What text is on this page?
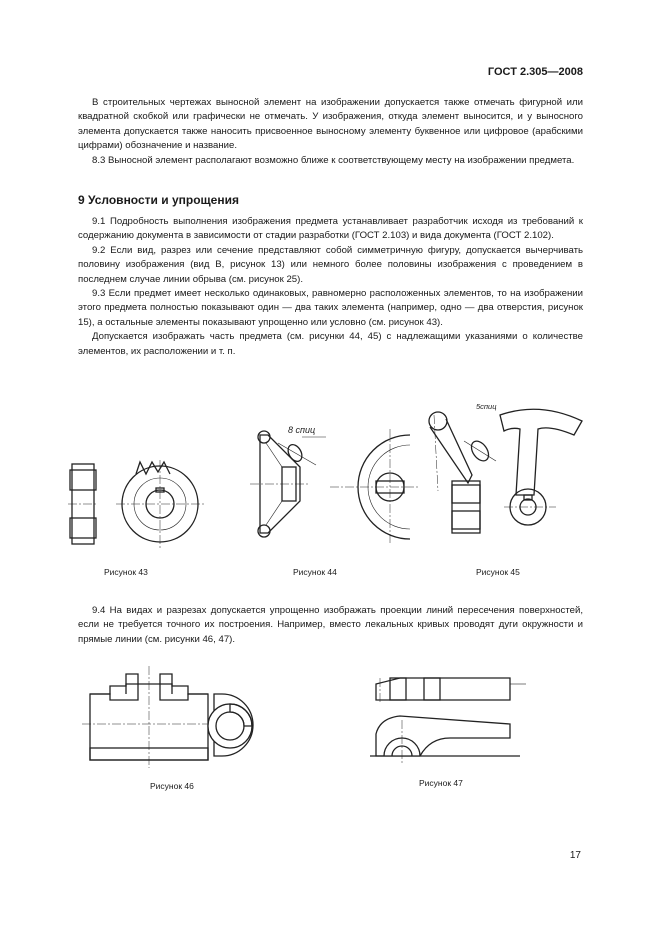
ГОСТ 2.305—2008

В строительных чертежах выносной элемент на изображении допускается также отмечать фигурной или квадратной скобкой или графически не отмечать. У изображения, откуда элемент выносится, и у выносного элемента допускается также наносить присвоенное выносному элементу буквенное или цифровое (арабскими цифрами) обозначение и название.

8.3 Выносной элемент располагают возможно ближе к соответствующему месту на изображении предмета.

9 Условности и упрощения

9.1 Подробность выполнения изображения предмета устанавливает разработчик исходя из требований к содержанию документа в зависимости от стадии разработки (ГОСТ 2.103) и вида документа (ГОСТ 2.102).

9.2 Если вид, разрез или сечение представляют собой симметричную фигуру, допускается вычерчивать половину изображения (вид В, рисунок 13) или немного более половины изображения с проведением в последнем случае линии обрыва (см. рисунок 25).

9.3 Если предмет имеет несколько одинаковых, равномерно расположенных элементов, то на изображении этого предмета полностью показывают один — два таких элемента (например, одно — два отверстия, рисунок 15), а остальные элементы показывают упрощенно или условно (см. рисунок 43).

Допускается изображать часть предмета (см. рисунки 44, 45) с надлежащими указаниями о количестве элементов, их расположении и т. п.

8 спиц
5спиц
Рисунок 43	Рисунок 44	Рисунок 45

9.4 На видах и разрезах допускается упрощенно изображать проекции линий пересечения поверхностей, если не требуется точного их построения. Например, вместо лекальных кривых проводят дуги окружности и прямые линии (см. рисунки 46, 47).

Рисунок 46	Рисунок 47
17
